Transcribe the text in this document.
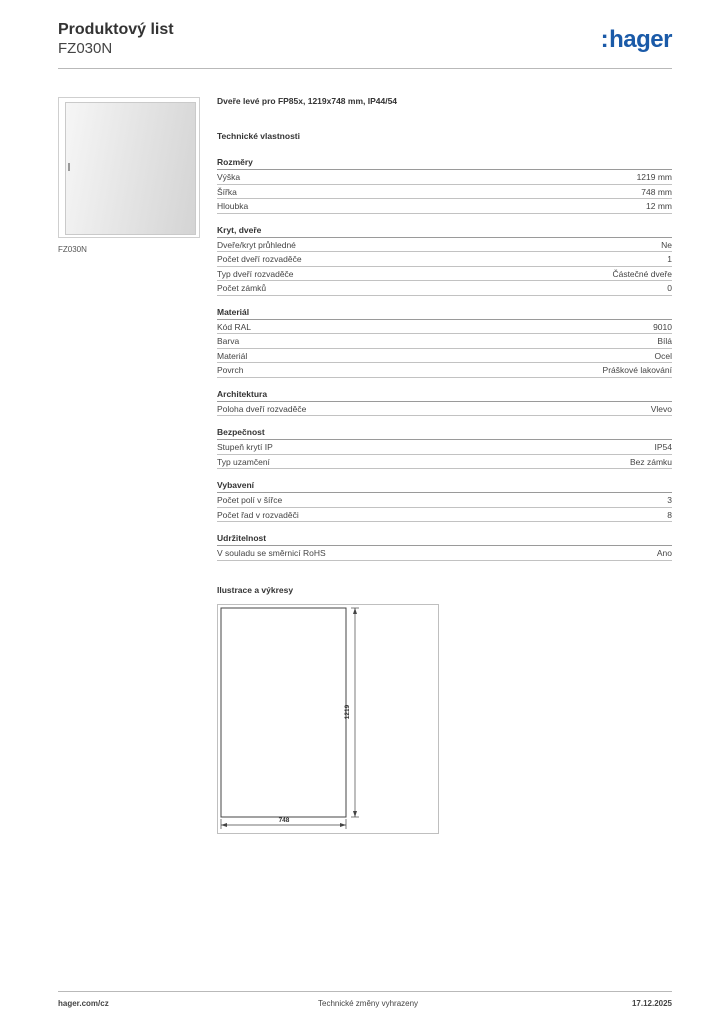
Produktový list
FZ030N	:hager
FZ030N
Dveře levé pro FP85x, 1219x748 mm, IP44/54
Technické vlastnosti
Rozměry
Výška	1219 mm
Šířka	748 mm
Hloubka	12 mm
Kryt, dveře
Dveře/kryt průhledné	Ne
Počet dveří rozvaděče	1
Typ dveří rozvaděče	Částečné dveře
Počet zámků	0
Materiál
Kód RAL	9010
Barva	Bílá
Materiál	Ocel
Povrch	Práškové lakování
Architektura
Poloha dveří rozvaděče	Vlevo
Bezpečnost
Stupeň krytí IP	IP54
Typ uzamčení	Bez zámku
Vybavení
Počet polí v šířce	3
Počet řad v rozvaděči	8
Udržitelnost
V souladu se směrnicí RoHS	Ano
Ilustrace a výkresy
1219
748
hager.com/cz	Technické změny vyhrazeny	17.12.2025
